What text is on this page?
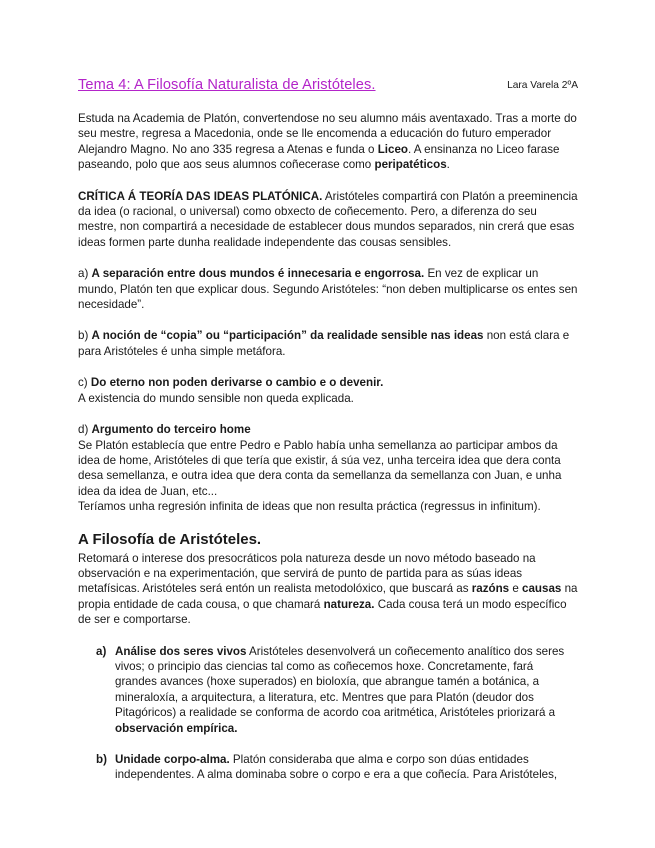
Tema 4: A Filosofía Naturalista de Aristóteles.	Lara Varela 2ºA

Estuda na Academia de Platón, convertendose no seu alumno máis aventaxado. Tras a morte do seu mestre, regresa a Macedonia, onde se lle encomenda a educación do futuro emperador Alejandro Magno. No ano 335 regresa a Atenas e funda o Liceo. A ensinanza no Liceo farase paseando, polo que aos seus alumnos coñecerase como peripatéticos.

CRÍTICA Á TEORÍA DAS IDEAS PLATÓNICA. Aristóteles compartirá con Platón a preeminencia da idea (o racional, o universal) como obxecto de coñecemento. Pero, a diferenza do seu mestre, non compartirá a necesidade de establecer dous mundos separados, nin crerá que esas ideas formen parte dunha realidade independente das cousas sensibles.

a) A separación entre dous mundos é innecesaria e engorrosa. En vez de explicar un mundo, Platón ten que explicar dous. Segundo Aristóteles: “non deben multiplicarse os entes sen necesidade”.

b) A noción de “copia” ou “participación” da realidade sensible nas ideas non está clara e para Aristóteles é unha simple metáfora.

c) Do eterno non poden derivarse o cambio e o devenir.
A existencia do mundo sensible non queda explicada.

d) Argumento do terceiro home
Se Platón establecía que entre Pedro e Pablo había unha semellanza ao participar ambos da idea de home, Aristóteles di que tería que existir, á súa vez, unha terceira idea que dera conta desa semellanza, e outra idea que dera conta da semellanza da semellanza con Juan, e unha idea da idea de Juan, etc...
Teríamos unha regresión infinita de ideas que non resulta práctica (regressus in infinitum).

A Filosofía de Aristóteles.

Retomará o interese dos presocráticos pola natureza desde un novo método baseado na observación e na experimentación, que servirá de punto de partida para as súas ideas metafísicas. Aristóteles será entón un realista metodolóxico, que buscará as razóns e causas na propia entidade de cada cousa, o que chamará natureza. Cada cousa terá un modo específico de ser e comportarse.

a) Análise dos seres vivos Aristóteles desenvolverá un coñecemento analítico dos seres vivos; o principio das ciencias tal como as coñecemos hoxe. Concretamente, fará grandes avances (hoxe superados) en bioloxía, que abrangue tamén a botánica, a mineraloxía, a arquitectura, a literatura, etc. Mentres que para Platón (deudor dos Pitagóricos) a realidade se conforma de acordo coa aritmética, Aristóteles priorizará a observación empírica.
b) Unidade corpo-alma. Platón consideraba que alma e corpo son dúas entidades independentes. A alma dominaba sobre o corpo e era a que coñecía. Para Aristóteles,
